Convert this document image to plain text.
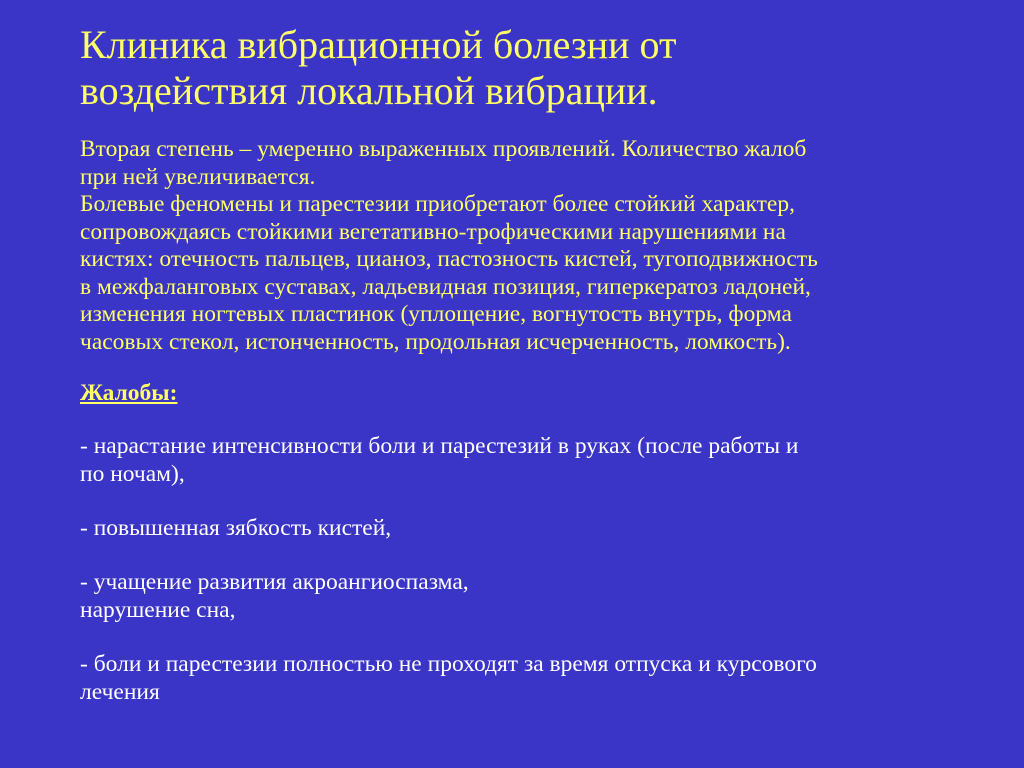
Клиника вибрационной болезни от
воздействия локальной вибрации.

Вторая степень – умеренно выраженных проявлений. Количество жалоб
при ней увеличивается.
Болевые феномены и парестезии приобретают более стойкий характер,
сопровождаясь стойкими вегетативно-трофическими нарушениями на
кистях: отечность пальцев, цианоз, пастозность кистей, тугоподвижность
в межфаланговых суставах, ладьевидная позиция, гиперкератоз ладоней,
изменения ногтевых пластинок (уплощение, вогнутость внутрь, форма
часовых стекол, истонченность, продольная исчерченность, ломкость).

Жалобы:
- нарастание интенсивности боли и парестезий в руках (после работы и
по ночам),
- повышенная зябкость кистей,
- учащение развития акроангиоспазма,
нарушение сна,
- боли и парестезии полностью не проходят за время отпуска и курсового
лечения
